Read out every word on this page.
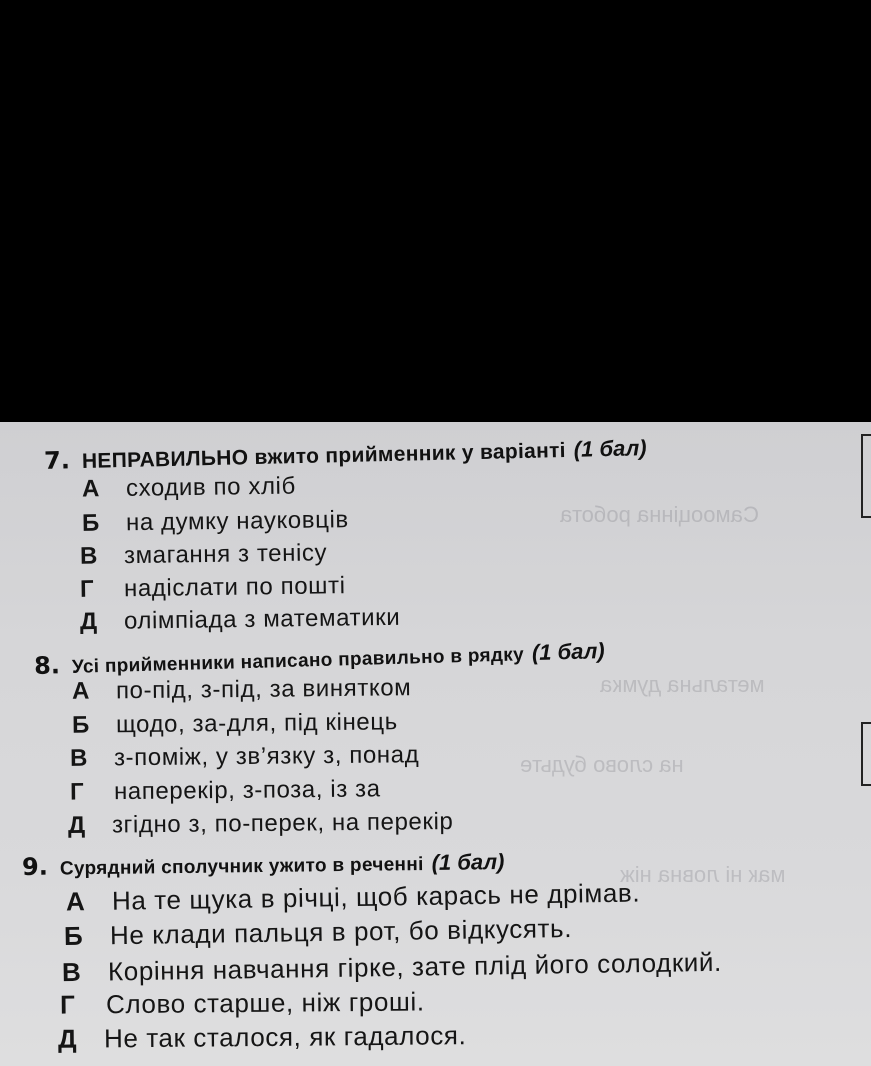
Самооцінна робота
метальна думка
на слово будьте
мак ні ловна ніж
7. НЕПРАВИЛЬНО вжито прийменник у варіанті (1 бал)
А сходив по хліб
Б на думку науковців
В змагання з тенісу
Г надіслати по пошті
Д олімпіада з математики
8. Усі прийменники написано правильно в рядку (1 бал)
А по-під, з-під, за винятком
Б щодо, за-для, під кінець
В з-поміж, у зв’язку з, понад
Г наперекір, з-поза, із за
Д згідно з, по-перек, на перекір
9. Сурядний сполучник ужито в реченні (1 бал)
А На те щука в річці, щоб карась не дрімав.
Б Не клади пальця в рот, бо відкусять.
В Коріння навчання гірке, зате плід його солодкий.
Г Слово старше, ніж гроші.
Д Не так сталося, як гадалося.
